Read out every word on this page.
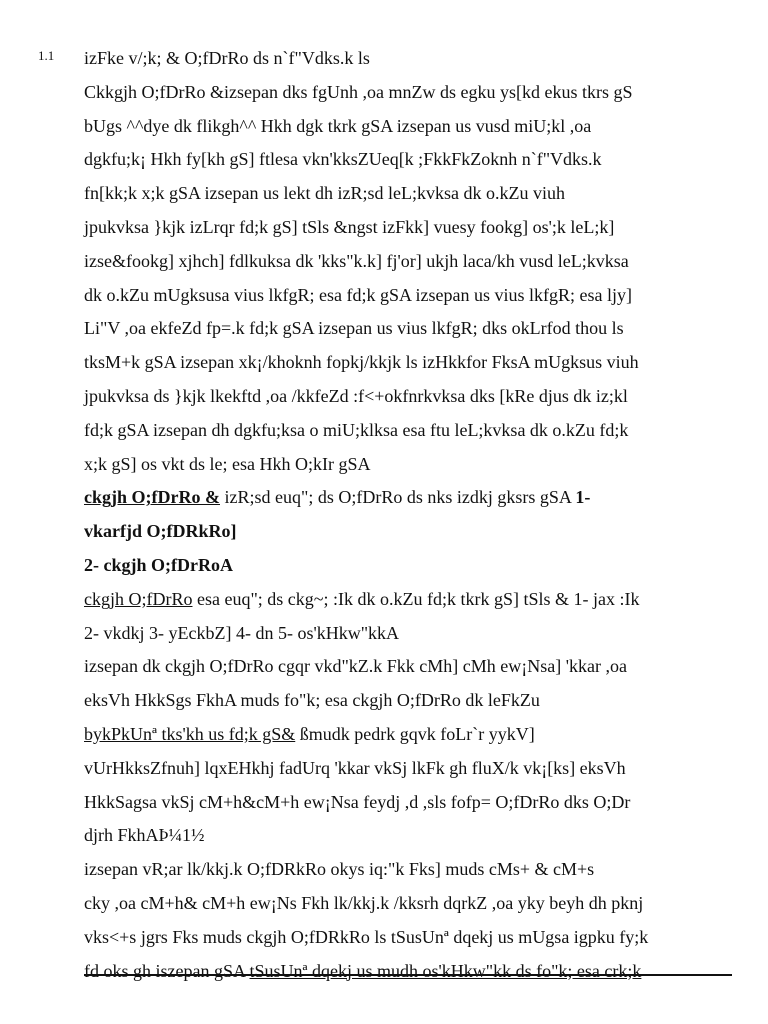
1.1 izFke v/;k; & O;fDrRo ds n`f"Vdks.k ls
Ckkgjh O;fDrRo &izsepan dks fgUnh ,oa mnZw ds egku ys[kd ekus tkrs gS
bUgs ^^dye dk flikgh^^ Hkh dgk tkrk gSA izsepan us vusd miU;kl ,oa
dgkfu;k¡ Hkh fy[kh gS] ftlesa vkn'kksZUeq[k ;FkkFkZoknh n`f"Vdks.k
fn[kk;k x;k gSA izsepan us lekt dh izR;sd leL;kvksa dk o.kZu viuh
jpukvksa }kjk izLrqr fd;k gS] tSls &ngst izFkk] vuesy fookg] os';k leL;k]
izse&fookg] xjhch] fdlkuksa dk 'kks"k.k] fj'or] ukjh laca/kh vusd leL;kvksa
dk o.kZu mUgksusa vius lkfgR; esa fd;k gSA izsepan us vius lkfgR; esa ljy]
Li"V ,oa ekfeZd fp=.k fd;k gSA izsepan us vius lkfgR; dks okLrfod thou ls
tksM+k gSA izsepan xk¡/khoknh fopkj/kkjk ls izHkkfor FksA mUgksus viuh
jpukvksa ds }kjk lkekftd ,oa /kkfeZd :f<+okfnrkvksa dks [kRe djus dk iz;kl
fd;k gSA izsepan dh dgkfu;ksa o miU;klksa esa ftu leL;kvksa dk o.kZu fd;k
x;k gS] os vkt ds le; esa Hkh O;kIr gSA
ckgjh O;fDrRo & izR;sd euq"; ds O;fDrRo ds nks izdkj gksrs gSA 1-
vkarfjd O;fDRkRo]
2- ckgjh O;fDrRoA
ckgjh O;fDrRo esa euq"; ds ckg~; :Ik dk o.kZu fd;k tkrk gS] tSls & 1- jax :Ik
2- vkdkj 3- yEckbZ] 4- dn 5- os'kHkw"kkA
izsepan dk ckgjh O;fDrRo cgqr vkd"kZ.k Fkk cMh] cMh ew¡Nsa] 'kkar ,oa
eksVh HkkSgs FkhA muds fo"k; esa ckgjh O;fDrRo dk leFkZu
bykPkUnª tks'kh us fd;k gS& ßmudk pedrk gqvk foLr`r yykV]
vUrHkksZfnuh] lqxEHkhj fadUrq 'kkar vkSj lkFk gh fluX/k vk¡[ks] eksVh
HkkSagsa vkSj cM+h&cM+h ew¡Nsa feydj ,d ,sls fofp= O;fDrRo dks O;Dr
djrh FkhAÞ¼1½
izsepan vR;ar lk/kkj.k O;fDRkRo okys iq:"k Fks] muds cMs+ & cM+s
cky ,oa cM+h& cM+h ew¡Ns Fkh lk/kkj.k /kksrh dqrkZ ,oa yky beyh dh pknj
vks<+s jgrs Fks muds ckgjh O;fDRkRo ls tSusUnª dqekj us mUgsa igpku fy;k
fd oks gh iszepan gSA tSusUnª dqekj us mudh os'kHkw"kk ds fo"k; esa crk;k
